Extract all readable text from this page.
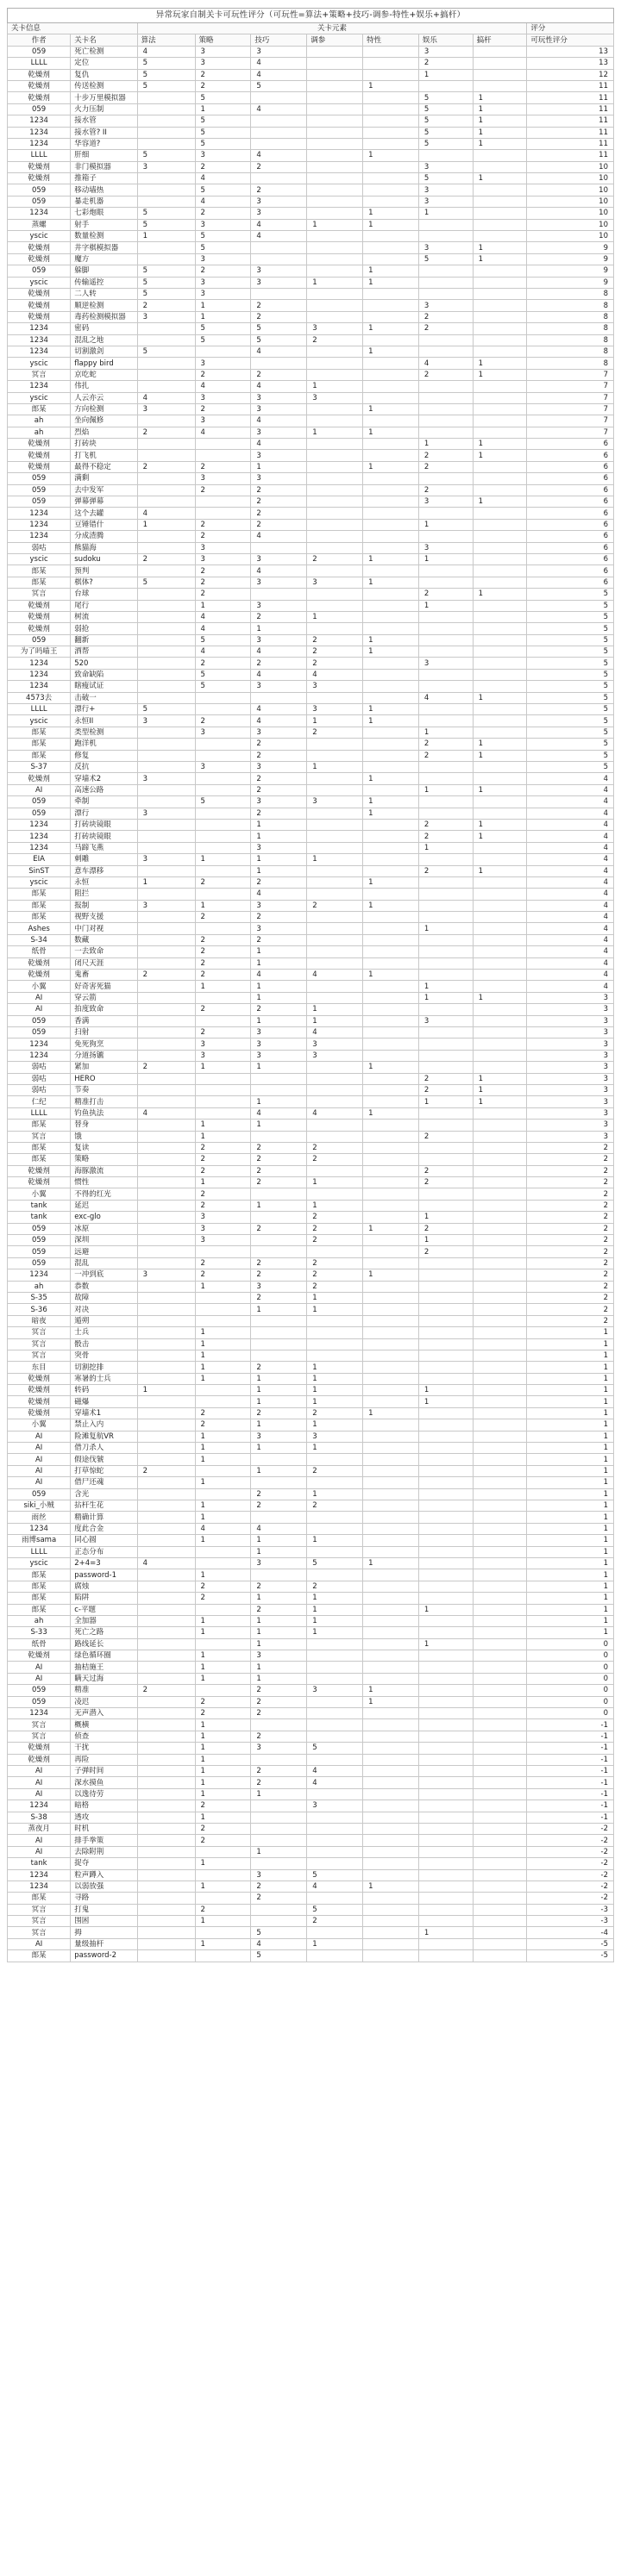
异常玩家自制关卡可玩性评分（可玩性=算法+策略+技巧-调参-特性+娱乐+搞杆）									
关卡信息		关卡元素							评分
作者	关卡名	算法	策略	技巧	调参	特性	娱乐	搞杆	可玩性评分
059	死亡检测	4	3	3			3		13
LLLL	定位	5	3	4			2		13
乾燥剂	复仇	5	2	4			1		12
乾燥剂	传送检测	5	2	5		1			11
乾燥剂	十步万里模拟器		5				5	1	11
059	火力压制		1	4			5	1	11
1234	接水管		5				5	1	11
1234	接水管? II		5				5	1	11
1234	华容道?		5				5	1	11
LLLL	肝细	5	3	4		1			11
乾燥剂	非门模拟器	3	2	2			3		10
乾燥剂	推箱子		4				5	1	10
059	移动墙热		5	2			3		10
059	暴走机器		4	3			3		10
1234	七彩炮眼	5	2	3		1	1		10
蒸螺	射手	5	3	4	1	1			10
yscic	数量检测	1	5	4					10
乾燥剂	井字棋模拟器		5				3	1	9
乾燥剂	魔方		3				5	1	9
059	躲脚	5	2	3		1			9
yscic	传输遥控	5	3	3	1	1			9
乾燥剂	二人转	5	3						8
乾燥剂	顺逆检测	2	1	2			3		8
乾燥剂	毒药检测模拟器	3	1	2			2		8
1234	密码		5	5	3	1	2		8
1234	混乱之地		5	5	2				8
1234	切割激剑	5		4		1			8
yscic	flappy bird		3				4	1	8
冥言	京吃蛇		2	2			2	1	7
1234	伟扎		4	4	1				7
yscic	人云亦云	4	3	3	3				7
郎某	方向检测	3	2	3		1			7
ah	坐向佩修		3	4					7
ah	烈焰	2	4	3	1	1			7
乾燥剂	打砖块			4			1	1	6
乾燥剂	打飞机			3			2	1	6
乾燥剂	最得不稳定	2	2	1		1	2		6
059	满剩		3	3					6
059	去中发军		2	2			2		6
059	弹幕弹幕			2			3	1	6
1234	这个去罐	4		2					6
1234	豆锤错什	1	2	2			1		6
1234	分成渣腾		2	4					6
弱咕	熊猫海		3				3		6
yscic	sudoku	2	3	3	2	1	1		6
郎某	预判		2	4					6
郎某	棋体?	5	2	3	3	1			6
冥言	台球		2				2	1	5
乾燥剂	尾行		1	3			1		5
乾燥剂	树流		4	2	1				5
乾燥剂	弱抢		4	1					5
059	翻新		5	3	2	1			5
为了吗喵王	洒帮		4	4	2	1			5
1234	520		2	2	2		3		5
1234	致命缺陷		5	4	4				5
1234	瞎瘦试证		5	3	3				5
4573去	击破一						4	1	5
LLLL	漂行+	5		4	3	1			5
yscic	永恒II	3	2	4	1	1			5
郎某	类型检测		3	3	2		1		5
郎某	跑洋机			2			2	1	5
郎某	修复			2			2	1	5
S-37	反抗		3	3	1				5
乾燥剂	穿墙术2	3		2		1			4
AI	高速公路			2			1	1	4
059	牵制		5	3	3	1			4
059	漂行	3		2		1			4
1234	打砖块镜眼			1			2	1	4
1234	打砖块镜眼			1			2	1	4
1234	马蹄飞燕			3			1		4
EIA	刺雕	3	1	1	1				4
SinST	意车漂移			1			2	1	4
yscic	永恒	1	2	2		1			4
郎某	阻拦			4					4
郎某	报制	3	1	3	2	1			4
郎某	视野支援		2	2					4
Ashes	中门对视			3			1		4
S-34	数藏		2	2					4
纸骨	一去致命		2	1					4
乾燥剂	闭尺天涯		2	1					4
乾燥剂	鬼畜	2	2	4	4	1			4
小翼	好奇害死猫		1	1			1		4
AI	穿云箭			1			1	1	3
AI	拍度致命		2	2	1				3
059	香满			1	1		3		3
059	扫射		2	3	4				3
1234	免死狗烹		3	3	3				3
1234	分道扬镳		3	3	3				3
弱咕	紧加	2	1	1		1			3
弱咕	HERO						2	1	3
弱咕	节奏						2	1	3
仁纪	精准打击			1			1	1	3
LLLL	钓鱼执法	4		4	4	1			3
郎某	替身		1	1					3
冥言	饿		1				2		3
郎某	复读		2	2	2				2
郎某	策略		2	2	2				2
乾燥剂	海豚激流		2	2			2		2
乾燥剂	惯性		1	2	1		2		2
小翼	不得的红光		2						2
tank	延迟		2	1	1				2
tank	exc-glo		3		2		1		2
059	冰原		3	2	2	1	2		2
059	深圳		3		2		1		2
059	远避						2		2
059	混乱		2	2	2				2
1234	一冲到底	3	2	2	2	1			2
ah	恭数		1	3	2				2
S-35	故障			2	1				2
S-36	对决			1	1				2
暗夜	遁朔								2
冥言	士兵		1						1
冥言	骰击		1						1
冥言	突骨		1						1
东目	切割挖排		1	2	1				1
乾燥剂	寒暑的士兵		1	1	1				1
乾燥剂	转码	1		1	1		1		1
乾燥剂	磁爆			1	1		1		1
乾燥剂	穿墙术1		2	2	2	1			1
小翼	禁止入内		2	1	1				1
AI	险滩复航VR		1	3	3				1
AI	借刀杀人		1	1	1				1
AI	假途伐虢		1						1
AI	打草惊蛇	2		1	2				1
AI	借尸还魂		1						1
059	含光			2	1				1
siki_小贼	拈杆生花		1	2	2				1
雨丝	精确计算		1						1
1234	度此合金		4	4					1
雨博sama	同心圆		1	1	1				1
LLLL	正态分布			1					1
yscic	2+4=3	4		3	5	1			1
郎某	password-1		1						1
郎某	腐烛		2	2	2				1
郎某	陷阱		2	1	1				1
郎某	c-平题			2	1		1		1
ah	全加器		1	1	1				1
S-33	死亡之路		1	1	1				1
纸骨	路线延长			1			1		0
乾燥剂	绿色循环圈		1	3					0
AI	抽桔施王		1	1					0
AI	瞒天过海		1	1					0
059	精准	2		2	3	1			0
059	凌迟		2	2		1			0
1234	无声潜入		2	2					0
冥言	概横		1						-1
冥言	侦查		1	2					-1
乾燥剂	干扰		1	3	5				-1
乾燥剂	再险		1						-1
AI	子弹时间		1	2	4				-1
AI	深水摸鱼		1	2	4				-1
AI	以逸待劳		1	1					-1
1234	暗格		2		3				-1
S-38	透攻		1						-1
蒸夜月	时机		2						-2
AI	排手拳策		2						-2
AI	去除附荆			1					-2
tank	捉夺		1						-2
1234	粒声蹲入			3	5				-2
1234	以弱放强		1	2	4	1			-2
郎某	寻路			2					-2
冥言	打鬼		2		5				-3
冥言	围困		1		2				-3
冥言	拇			5			1		-4
AI	量级抽杆		1	4	1				-5
郎某	password-2			5					-5
